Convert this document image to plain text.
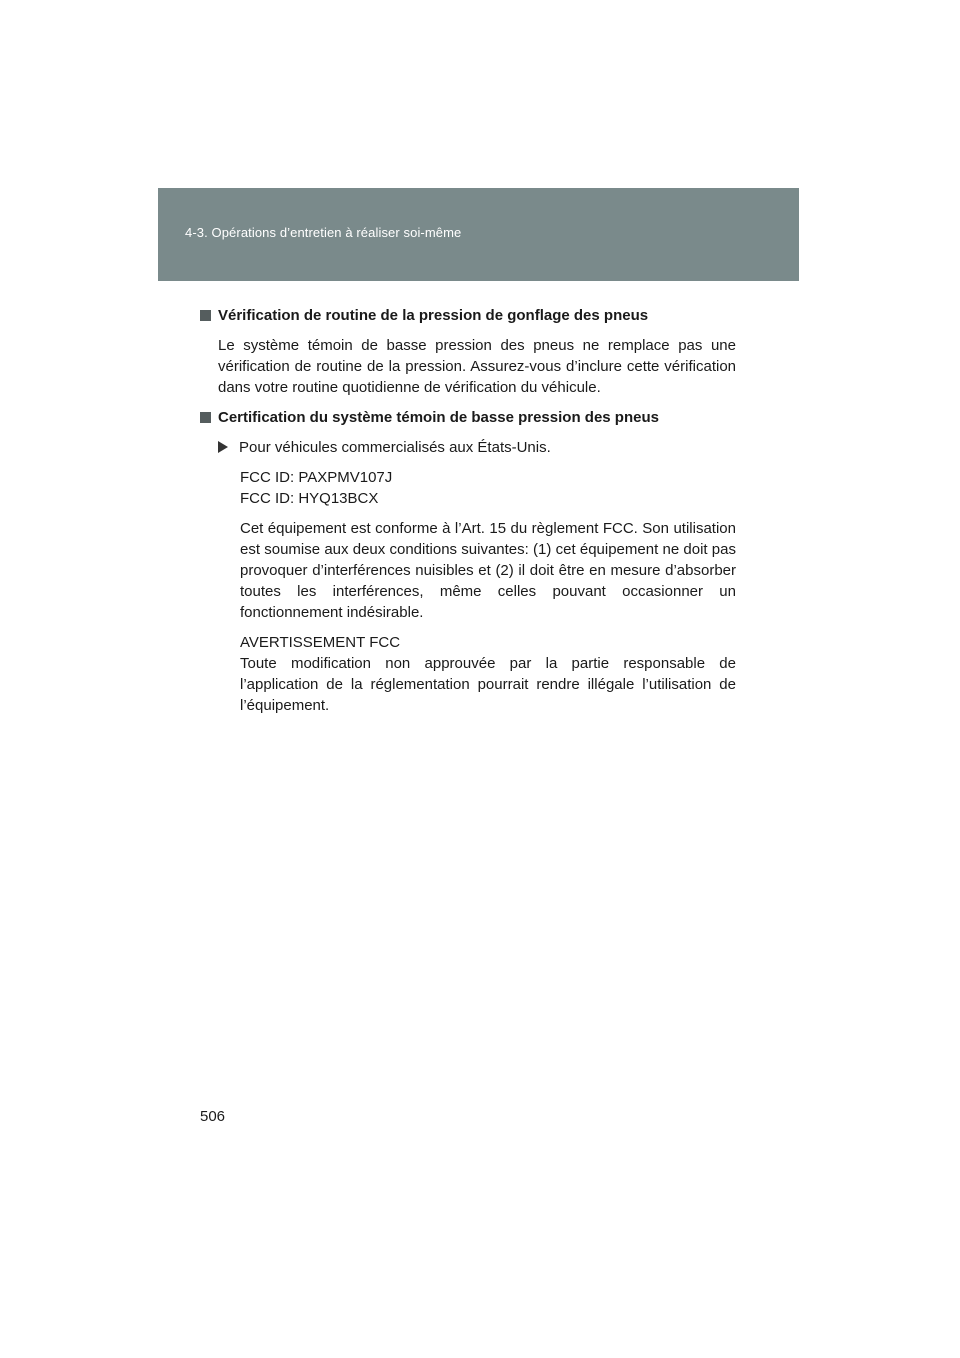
4-3. Opérations d’entretien à réaliser soi-même
Vérification de routine de la pression de gonflage des pneus

Le système témoin de basse pression des pneus ne remplace pas une vérification de routine de la pression. Assurez-vous d’inclure cette vérification dans votre routine quotidienne de vérification du véhicule.

Certification du système témoin de basse pression des pneus
Pour véhicules commercialisés aux États-Unis.
FCC ID: PAXPMV107J
FCC ID: HYQ13BCX

Cet équipement est conforme à l’Art. 15 du règlement FCC. Son utilisation est soumise aux deux conditions suivantes: (1) cet équipement ne doit pas provoquer d’interférences nuisibles et (2) il doit être en mesure d’absorber toutes les interférences, même celles pouvant occasionner un fonctionnement indésirable.

AVERTISSEMENT FCC

Toute modification non approuvée par la partie responsable de l’application de la réglementation pourrait rendre illégale l’utilisation de l’équipement.

506
